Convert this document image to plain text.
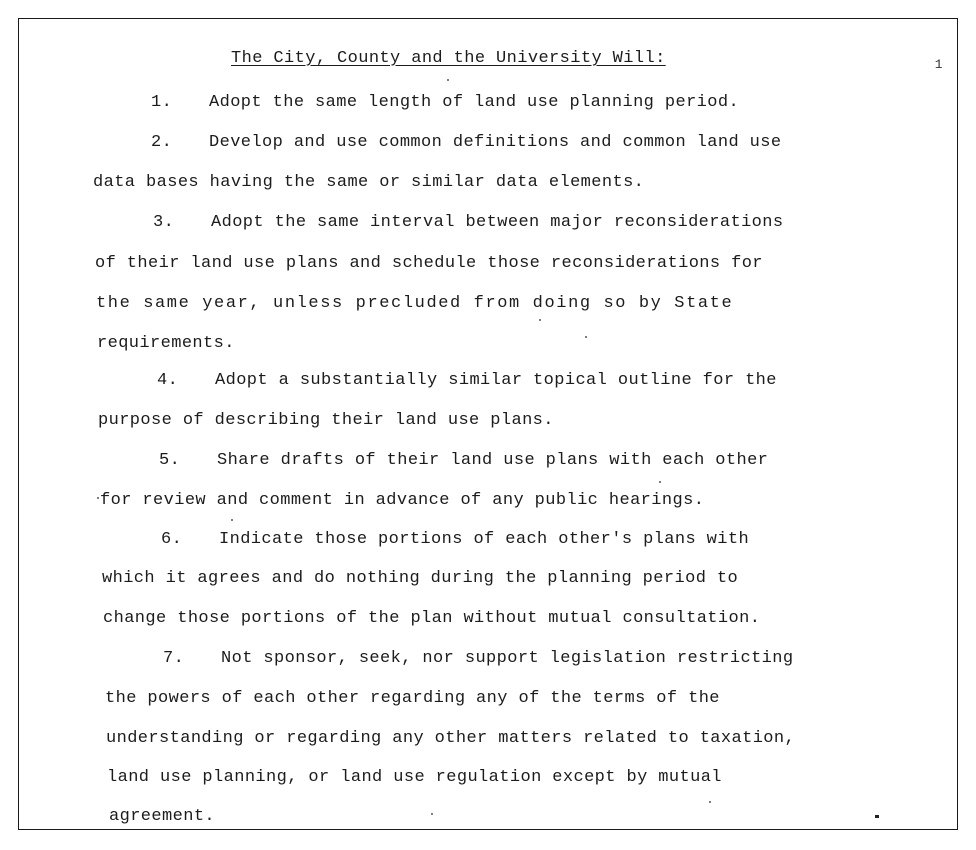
The City, County and the University Will:	1
1. Adopt the same length of land use planning period.
2. Develop and use common definitions and common land use
data bases having the same or similar data elements.
3. Adopt the same interval between major reconsiderations
of their land use plans and schedule those reconsiderations for
the same year, unless precluded from doing so by State
requirements.
4. Adopt a substantially similar topical outline for the
purpose of describing their land use plans.
5. Share drafts of their land use plans with each other
for review and comment in advance of any public hearings.
6. Indicate those portions of each other's plans with
which it agrees and do nothing during the planning period to
change those portions of the plan without mutual consultation.
7. Not sponsor, seek, nor support legislation restricting
the powers of each other regarding any of the terms of the
understanding or regarding any other matters related to taxation,
land use planning, or land use regulation except by mutual
agreement.
